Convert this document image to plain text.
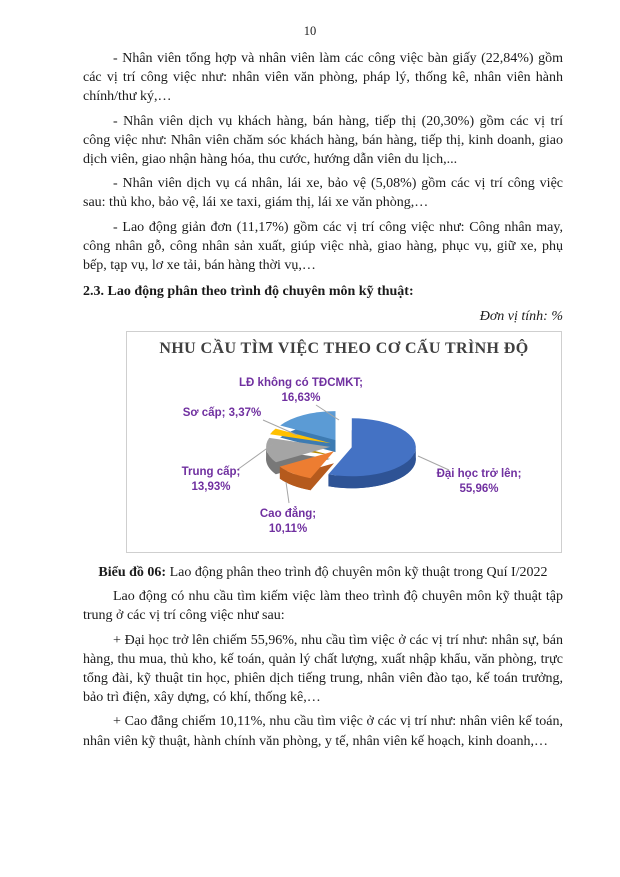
10

- Nhân viên tổng hợp và nhân viên làm các công việc bàn giấy (22,84%) gồm các vị trí công việc như: nhân viên văn phòng, pháp lý, thống kê, nhân viên hành chính/thư ký,…

- Nhân viên dịch vụ khách hàng, bán hàng, tiếp thị (20,30%) gồm các vị trí công việc như: Nhân viên chăm sóc khách hàng, bán hàng, tiếp thị, kinh doanh, giao dịch viên, giao nhận hàng hóa, thu cước, hướng dẫn viên du lịch,...

- Nhân viên dịch vụ cá nhân, lái xe, bảo vệ (5,08%) gồm các vị trí công việc sau: thủ kho, bảo vệ, lái xe taxi, giám thị, lái xe văn phòng,…

- Lao động giản đơn (11,17%) gồm các vị trí công việc như: Công nhân may, công nhân gỗ, công nhân sản xuất, giúp việc nhà, giao hàng, phục vụ, giữ xe, phụ bếp, tạp vụ, lơ xe tải, bán hàng thời vụ,…

2.3. Lao động phân theo trình độ chuyên môn kỹ thuật:
Đơn vị tính: %
Đại học trở lên; 55,96%
Cao đẳng; 10,11%
Trung cấp; 13,93%
Sơ cấp; 3,37%
LĐ không có TĐCMKT; 16,63%
NHU CẦU TÌM VIỆC THEO CƠ CẤU TRÌNH ĐỘ

Biểu đồ 06: Lao động phân theo trình độ chuyên môn kỹ thuật trong Quí I/2022

Lao động có nhu cầu tìm kiếm việc làm theo trình độ chuyên môn kỹ thuật tập trung ở các vị trí công việc như sau:

+ Đại học trở lên chiếm 55,96%, nhu cầu tìm việc ở các vị trí như: nhân sự, bán hàng, thu mua, thủ kho, kế toán, quản lý chất lượng, xuất nhập khẩu, văn phòng, trực tổng đài, kỹ thuật tin học, phiên dịch tiếng trung, nhân viên đào tạo, kế toán trưởng, bảo trì điện, xây dựng, có khí, thống kê,…

+ Cao đẳng chiếm 10,11%, nhu cầu tìm việc ở các vị trí như: nhân viên kế toán, nhân viên kỹ thuật, hành chính văn phòng, y tế, nhân viên kế hoạch, kinh doanh,…
